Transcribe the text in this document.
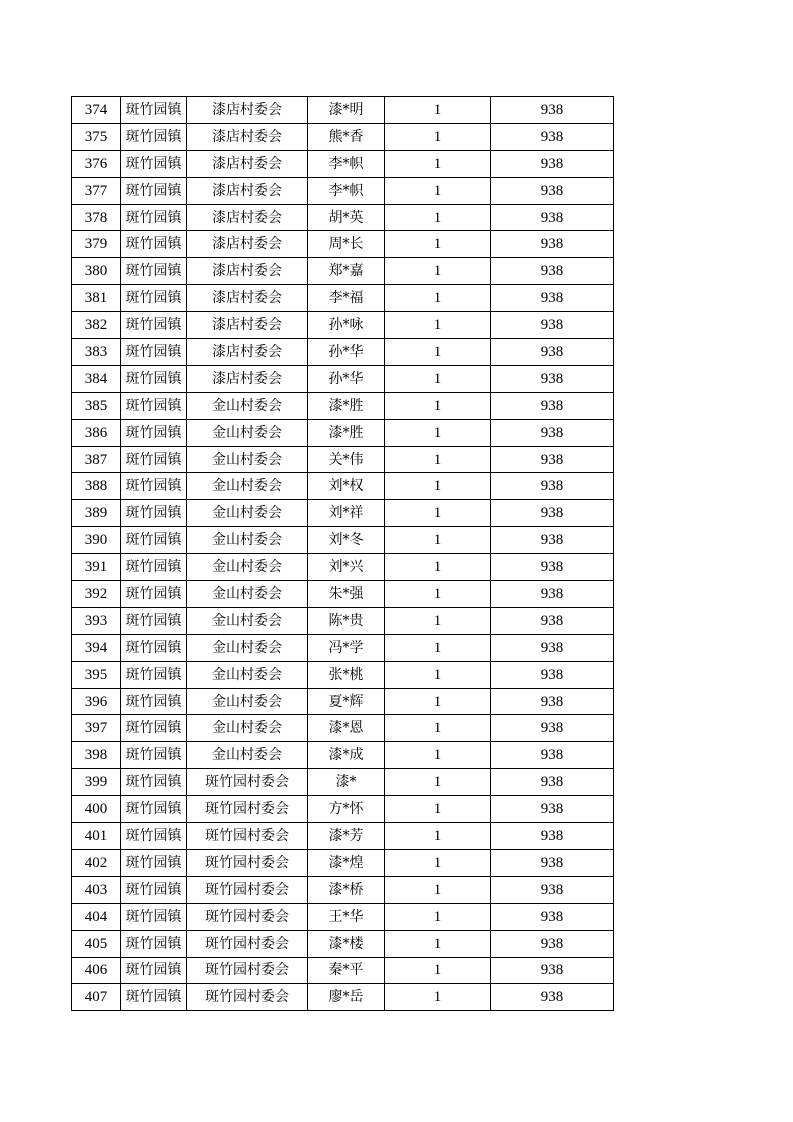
374	斑竹园镇	漆店村委会	漆*明	1	938
375	斑竹园镇	漆店村委会	熊*香	1	938
376	斑竹园镇	漆店村委会	李*帜	1	938
377	斑竹园镇	漆店村委会	李*帜	1	938
378	斑竹园镇	漆店村委会	胡*英	1	938
379	斑竹园镇	漆店村委会	周*长	1	938
380	斑竹园镇	漆店村委会	郑*嘉	1	938
381	斑竹园镇	漆店村委会	李*福	1	938
382	斑竹园镇	漆店村委会	孙*咏	1	938
383	斑竹园镇	漆店村委会	孙*华	1	938
384	斑竹园镇	漆店村委会	孙*华	1	938
385	斑竹园镇	金山村委会	漆*胜	1	938
386	斑竹园镇	金山村委会	漆*胜	1	938
387	斑竹园镇	金山村委会	关*伟	1	938
388	斑竹园镇	金山村委会	刘*权	1	938
389	斑竹园镇	金山村委会	刘*祥	1	938
390	斑竹园镇	金山村委会	刘*冬	1	938
391	斑竹园镇	金山村委会	刘*兴	1	938
392	斑竹园镇	金山村委会	朱*强	1	938
393	斑竹园镇	金山村委会	陈*贵	1	938
394	斑竹园镇	金山村委会	冯*学	1	938
395	斑竹园镇	金山村委会	张*桃	1	938
396	斑竹园镇	金山村委会	夏*辉	1	938
397	斑竹园镇	金山村委会	漆*恩	1	938
398	斑竹园镇	金山村委会	漆*成	1	938
399	斑竹园镇	斑竹园村委会	漆*	1	938
400	斑竹园镇	斑竹园村委会	方*怀	1	938
401	斑竹园镇	斑竹园村委会	漆*芳	1	938
402	斑竹园镇	斑竹园村委会	漆*煌	1	938
403	斑竹园镇	斑竹园村委会	漆*桥	1	938
404	斑竹园镇	斑竹园村委会	王*华	1	938
405	斑竹园镇	斑竹园村委会	漆*楼	1	938
406	斑竹园镇	斑竹园村委会	秦*平	1	938
407	斑竹园镇	斑竹园村委会	廖*岳	1	938
